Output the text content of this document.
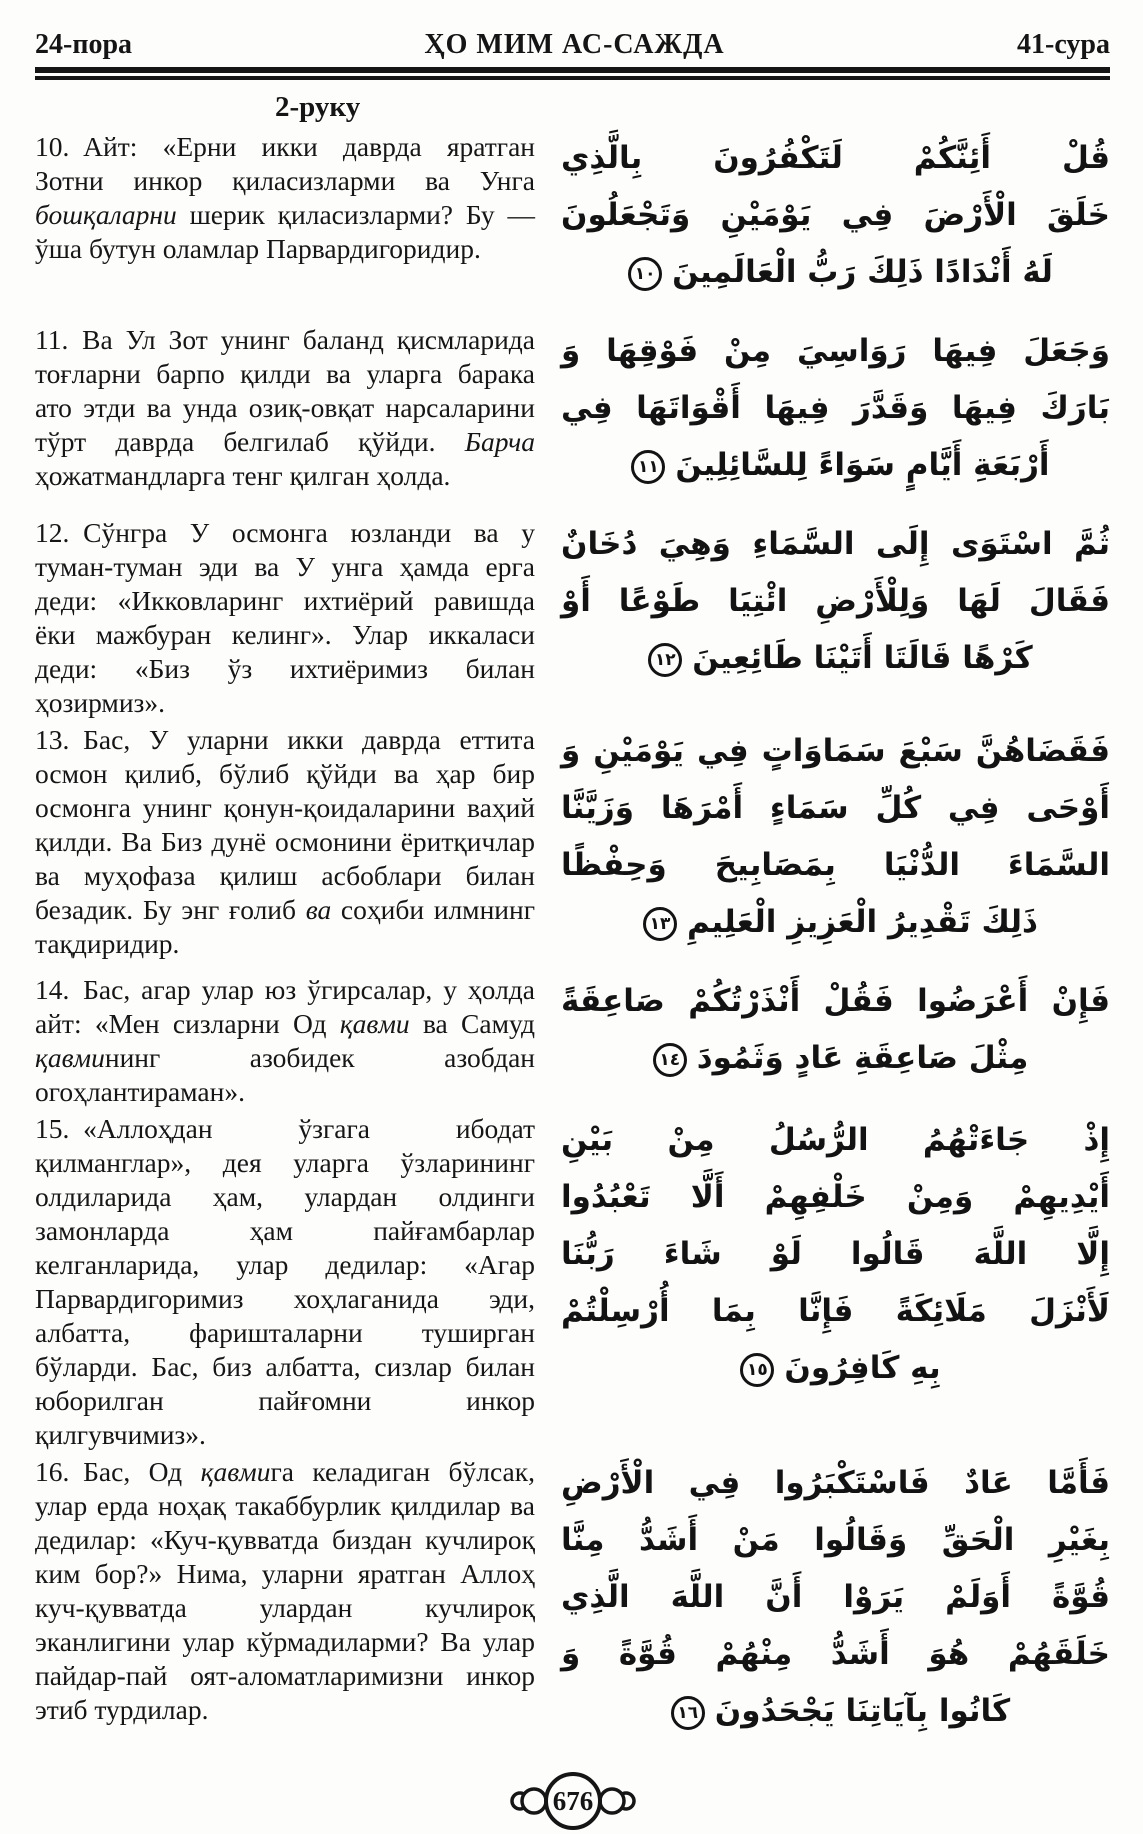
24-пора	ҲО МИМ АС-САЖДА	41-сура
2-руку

10. Айт: «Ерни икки даврда яратган Зотни инкор қиласизларми ва Унга бошқаларни шерик қиласизларми? Бу — ўша бутун оламлар Парвардигоридир.

قُلْ أَئِنَّكُمْ لَتَكْفُرُونَ بِالَّذِي
خَلَقَ الْأَرْضَ فِي يَوْمَيْنِ وَتَجْعَلُونَ
لَهُ أَنْدَادًا ذَلِكَ رَبُّ الْعَالَمِينَ١٠

11. Ва Ул Зот унинг баланд қисмларида тоғларни барпо қилди ва уларга барака ато этди ва унда озиқ-овқат нарсаларини тўрт даврда белгилаб қўйди. Барча ҳожатмандларга тенг қилган ҳолда.

وَجَعَلَ فِيهَا رَوَاسِيَ مِنْ فَوْقِهَا وَ
بَارَكَ فِيهَا وَقَدَّرَ فِيهَا أَقْوَاتَهَا فِي
أَرْبَعَةِ أَيَّامٍ سَوَاءً لِلسَّائِلِينَ١١

12. Сўнгра У осмонга юзланди ва у туман-туман эди ва У унга ҳамда ерга деди: «Икковларинг ихтиёрий равишда ёки мажбуран келинг». Улар иккаласи деди: «Биз ўз ихтиёримиз билан ҳозирмиз».

ثُمَّ اسْتَوَى إِلَى السَّمَاءِ وَهِيَ دُخَانٌ
فَقَالَ لَهَا وَلِلْأَرْضِ ائْتِيَا طَوْعًا أَوْ
كَرْهًا قَالَتَا أَتَيْنَا طَائِعِينَ١٢

13. Бас, У уларни икки даврда еттита осмон қилиб, бўлиб қўйди ва ҳар бир осмонга унинг қонун-қоидаларини ваҳий қилди. Ва Биз дунё осмонини ёритқичлар ва муҳофаза қилиш асбоблари билан безадик. Бу энг ғолиб ва соҳиби илмнинг тақдиридир.

فَقَضَاهُنَّ سَبْعَ سَمَاوَاتٍ فِي يَوْمَيْنِ وَ
أَوْحَى فِي كُلِّ سَمَاءٍ أَمْرَهَا وَزَيَّنَّا
السَّمَاءَ الدُّنْيَا بِمَصَابِيحَ وَحِفْظًا
ذَلِكَ تَقْدِيرُ الْعَزِيزِ الْعَلِيمِ١٣

14. Бас, агар улар юз ўгирсалар, у ҳолда айт: «Мен сизларни Од қавми ва Самуд қавмининг азобидек азобдан огоҳлантираман».

فَإِنْ أَعْرَضُوا فَقُلْ أَنْذَرْتُكُمْ صَاعِقَةً
مِثْلَ صَاعِقَةِ عَادٍ وَثَمُودَ١٤

15. «Аллоҳдан ўзгага ибодат қилманглар», дея уларга ўзларининг олдиларида ҳам, улардан олдинги замонларда ҳам пайғамбарлар келганларида, улар дедилар: «Агар Парвардигоримиз хоҳлаганида эди, албатта, фаришталарни туширган бўларди. Бас, биз албатта, сизлар билан юборилган пайғомни инкор қилгувчимиз».

إِذْ جَاءَتْهُمُ الرُّسُلُ مِنْ بَيْنِ
أَيْدِيهِمْ وَمِنْ خَلْفِهِمْ أَلَّا تَعْبُدُوا
إِلَّا اللَّهَ قَالُوا لَوْ شَاءَ رَبُّنَا
لَأَنْزَلَ مَلَائِكَةً فَإِنَّا بِمَا أُرْسِلْتُمْ
بِهِ كَافِرُونَ١٥

16. Бас, Од қавмига келадиган бўлсак, улар ерда ноҳақ такаббурлик қилдилар ва дедилар: «Куч-қувватда биздан кучлироқ ким бор?» Нима, уларни яратган Аллоҳ куч-қувватда улардан кучлироқ эканлигини улар кўрмадиларми? Ва улар пайдар-пай оят-аломатларимизни инкор этиб турдилар.

فَأَمَّا عَادٌ فَاسْتَكْبَرُوا فِي الْأَرْضِ
بِغَيْرِ الْحَقِّ وَقَالُوا مَنْ أَشَدُّ مِنَّا
قُوَّةً أَوَلَمْ يَرَوْا أَنَّ اللَّهَ الَّذِي
خَلَقَهُمْ هُوَ أَشَدُّ مِنْهُمْ قُوَّةً وَ
كَانُوا بِآيَاتِنَا يَجْحَدُونَ١٦
676
